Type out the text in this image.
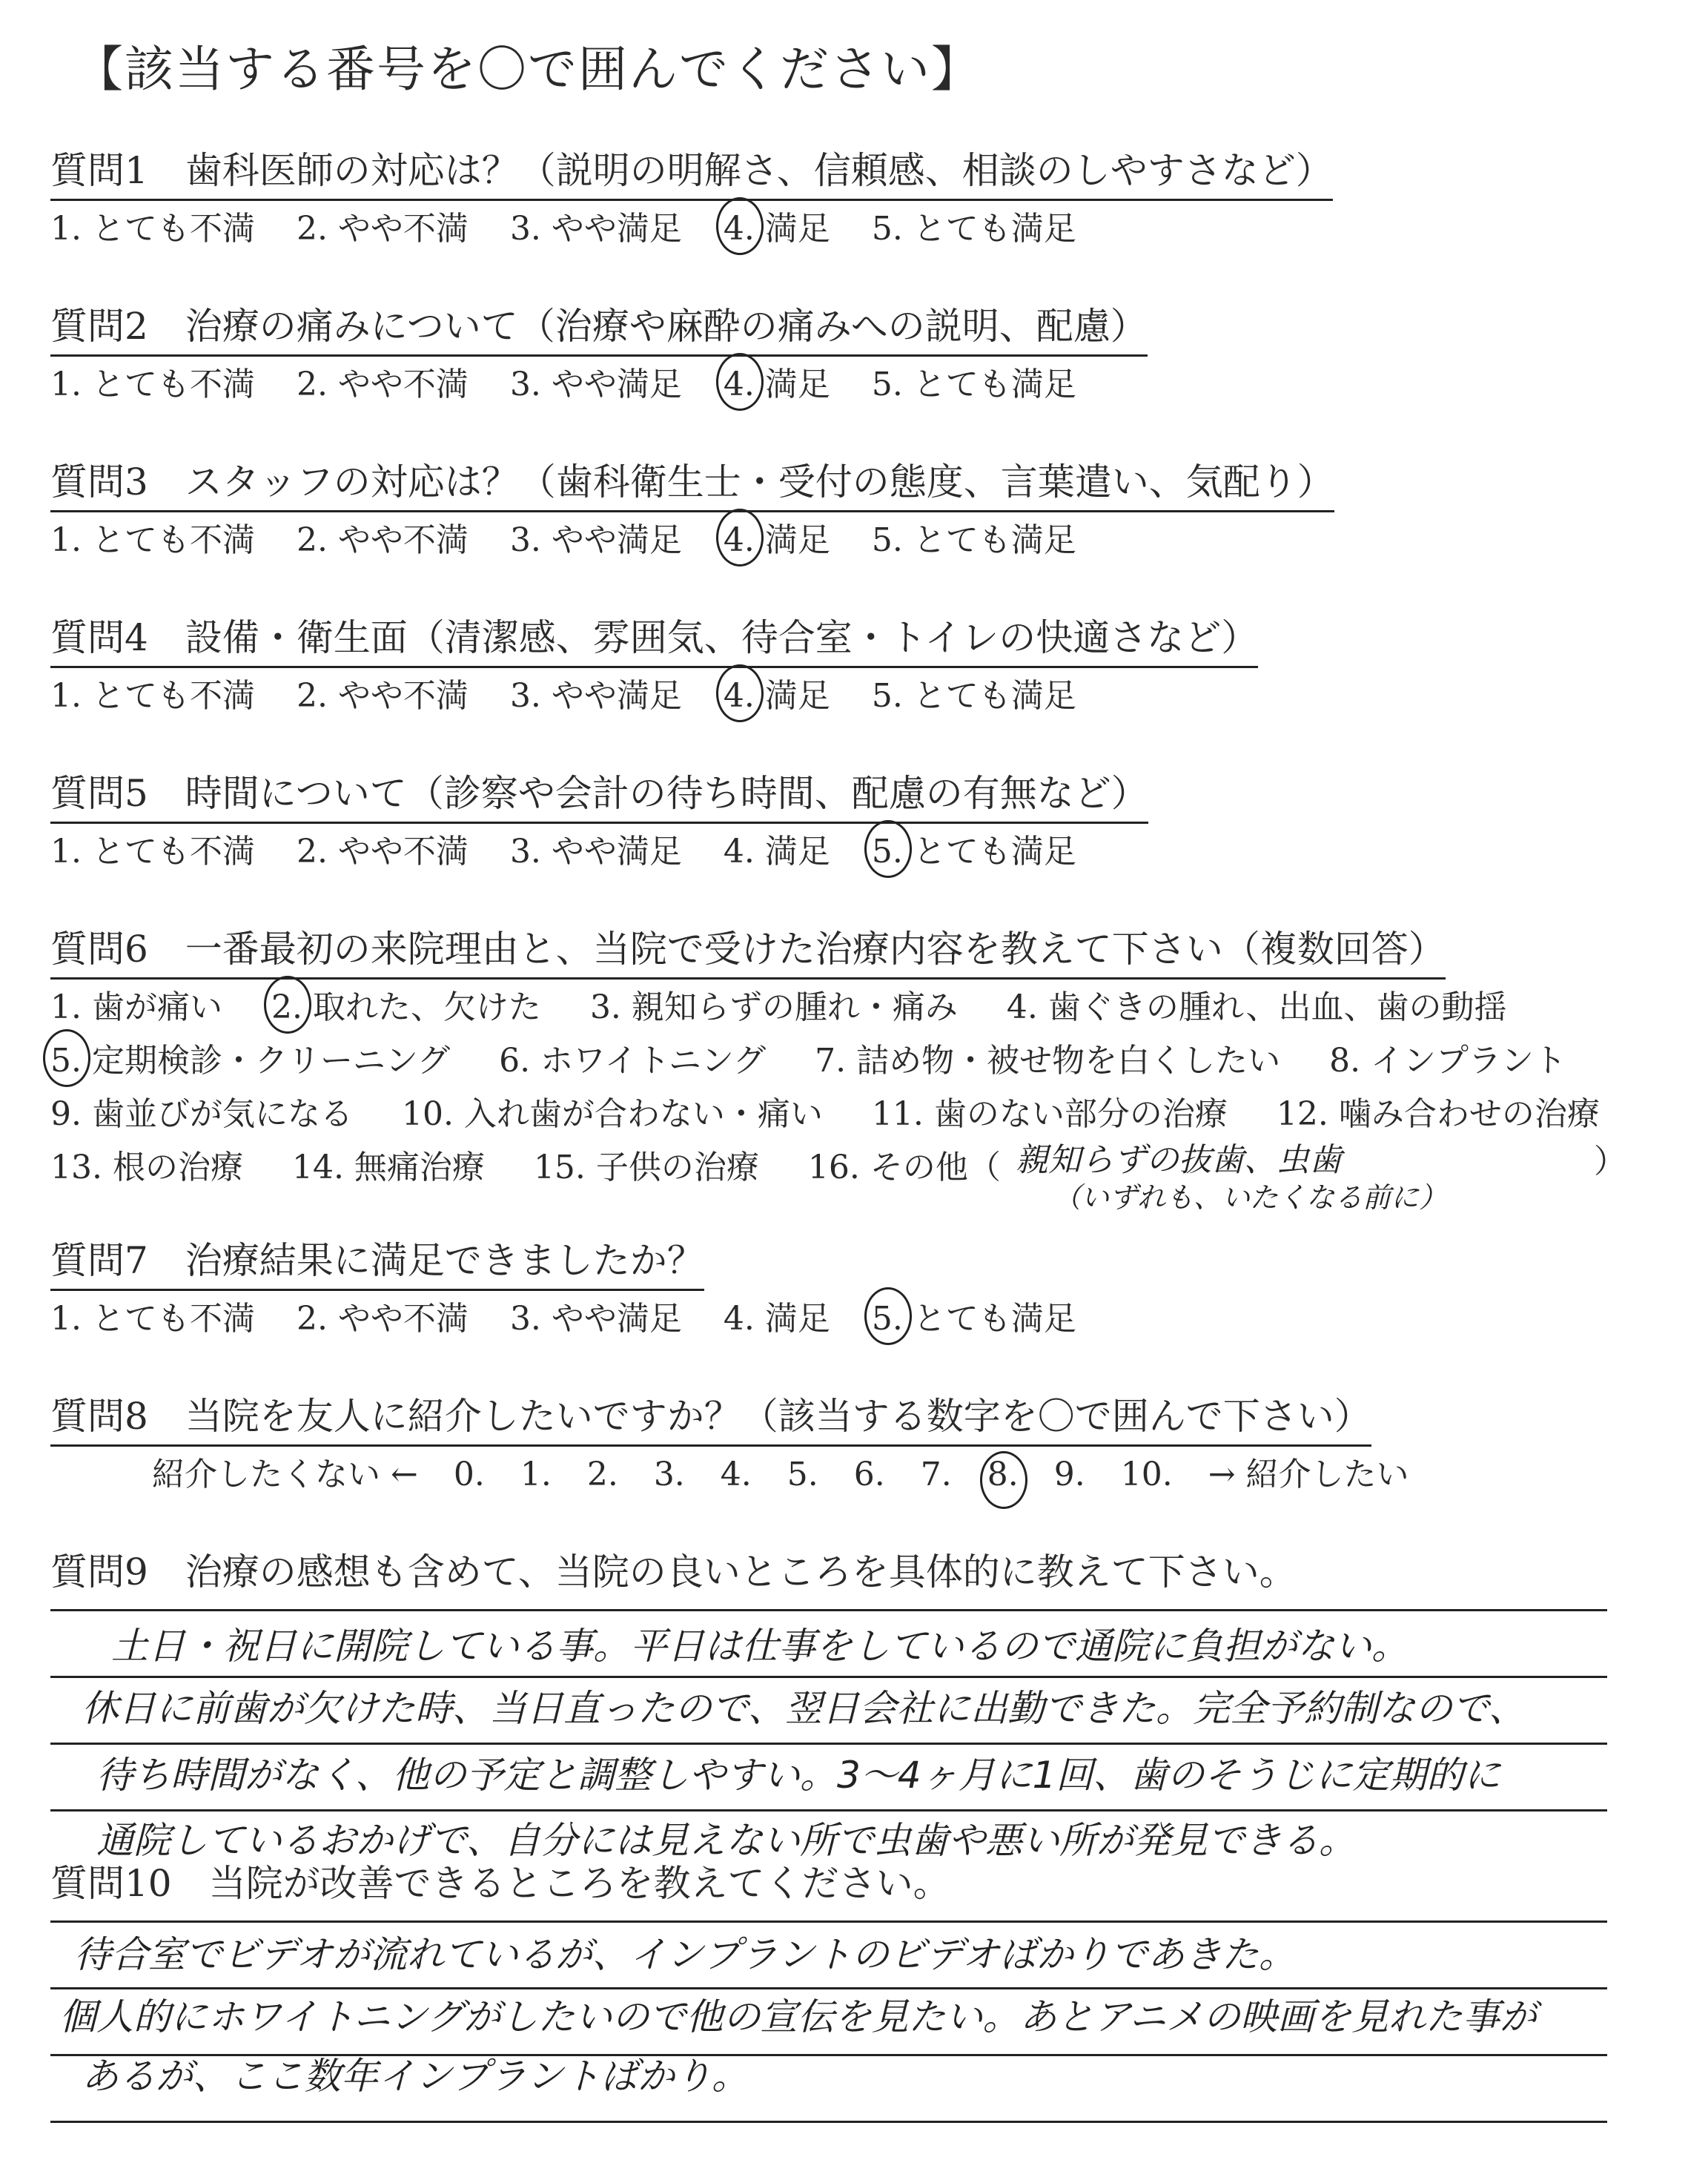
【該当する番号を〇で囲んでください】
質問1　歯科医師の対応は？（説明の明解さ、信頼感、相談のしやすさなど）
1. とても不満 2. やや不満 3. やや満足 4. 満足 5. とても満足
質問2　治療の痛みについて（治療や麻酔の痛みへの説明、配慮）
1. とても不満 2. やや不満 3. やや満足 4. 満足 5. とても満足
質問3　スタッフの対応は？（歯科衛生士・受付の態度、言葉遣い、気配り）
1. とても不満 2. やや不満 3. やや満足 4. 満足 5. とても満足
質問4　設備・衛生面（清潔感、雰囲気、待合室・トイレの快適さなど）
1. とても不満 2. やや不満 3. やや満足 4. 満足 5. とても満足
質問5　時間について（診察や会計の待ち時間、配慮の有無など）
1. とても不満 2. やや不満 3. やや満足 4. 満足 5. とても満足
質問6　一番最初の来院理由と、当院で受けた治療内容を教えて下さい（複数回答）
1. 歯が痛い 2. 取れた、欠けた 3. 親知らずの腫れ・痛み 4. 歯ぐきの腫れ、出血、歯の動揺
5. 定期検診・クリーニング 6. ホワイトニング 7. 詰め物・被せ物を白くしたい 8. インプラント
9. 歯並びが気になる 10. 入れ歯が合わない・痛い 11. 歯のない部分の治療 12. 噛み合わせの治療
13. 根の治療 14. 無痛治療 15. 子供の治療 16. その他（ 親知らずの抜歯、虫歯
（いずれも、いたくなる前に）
）
質問7　治療結果に満足できましたか？
1. とても不満 2. やや不満 3. やや満足 4. 満足 5. とても満足
質問8　当院を友人に紹介したいですか？（該当する数字を〇で囲んで下さい）
紹介したくない ← 0. 1. 2. 3. 4. 5. 6. 7. 8. 9. 10. → 紹介したい
質問9　治療の感想も含めて、当院の良いところを具体的に教えて下さい。
土日・祝日に開院している事。平日は仕事をしているので通院に負担がない。
休日に前歯が欠けた時、当日直ったので、翌日会社に出勤できた。完全予約制なので、
待ち時間がなく、他の予定と調整しやすい。3〜4ヶ月に1回、歯のそうじに定期的に
通院しているおかげで、自分には見えない所で虫歯や悪い所が発見できる。
質問10　当院が改善できるところを教えてください。
待合室でビデオが流れているが、インプラントのビデオばかりであきた。
個人的にホワイトニングがしたいので他の宣伝を見たい。あとアニメの映画を見れた事が
あるが、ここ数年インプラントばかり。
